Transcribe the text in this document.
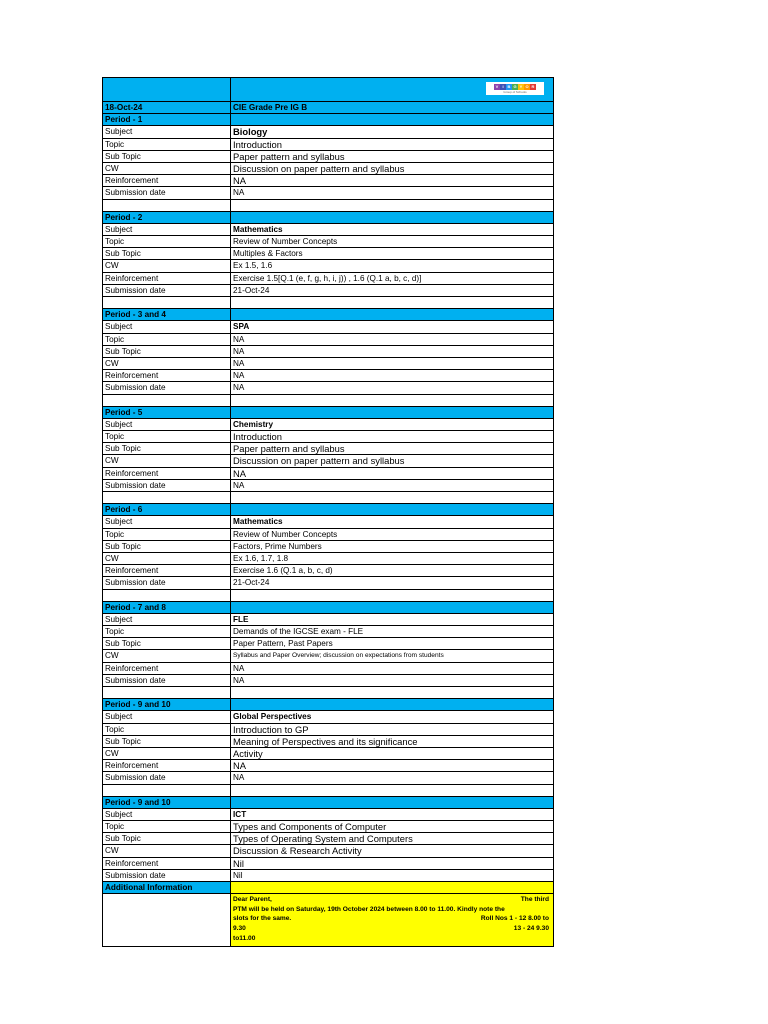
V	I B G Y O R
Group of Schools
18-Oct-24	CIE Grade Pre IG B
Period - 1
Subject	Biology
Topic	Introduction
Sub Topic	Paper pattern and syllabus
CW	Discussion on paper pattern and syllabus
Reinforcement	NA
Submission date	NA
Period - 2
Subject	Mathematics
Topic	Review of Number Concepts
Sub Topic	Multiples & Factors
CW	Ex 1.5, 1.6
Reinforcement	Exercise 1.5[Q.1 (e, f, g, h, i, j)) , 1.6 (Q.1 a, b, c, d)]
Submission date	21-Oct-24
Period - 3 and 4
Subject	SPA
Topic	NA
Sub Topic	NA
CW	NA
Reinforcement	NA
Submission date	NA
Period - 5
Subject	Chemistry
Topic	Introduction
Sub Topic	Paper pattern and syllabus
CW	Discussion on paper pattern and syllabus
Reinforcement	NA
Submission date	NA
Period - 6
Subject	Mathematics
Topic	Review of Number Concepts
Sub Topic	Factors, Prime Numbers
CW	Ex 1.6, 1.7, 1.8
Reinforcement	Exercise 1.6 (Q.1 a, b, c, d)
Submission date	21-Oct-24
Period - 7 and 8
Subject	FLE
Topic	Demands of the IGCSE exam - FLE
Sub Topic	Paper Pattern, Past Papers
CW	Syllabus and Paper Overview; discussion on expectations from students
Reinforcement	NA
Submission date	NA
Period - 9 and 10
Subject	Global Perspectives
Topic	Introduction to GP
Sub Topic	Meaning of Perspectives and its significance
CW	Activity
Reinforcement	NA
Submission date	NA
Period - 9 and 10
Subject	ICT
Topic	Types and Components of Computer
Sub Topic	Types of Operating System and Computers
CW	Discussion & Research Activity
Reinforcement	Nil
Submission date	Nil
Additional Information
Dear Parent,	The third
PTM will be held on Saturday, 19th October 2024 between 8.00 to 11.00. Kindly note the
slots for the same.	Roll Nos 1 - 12 8.00 to
9.30	13 - 24 9.30
to11.00
